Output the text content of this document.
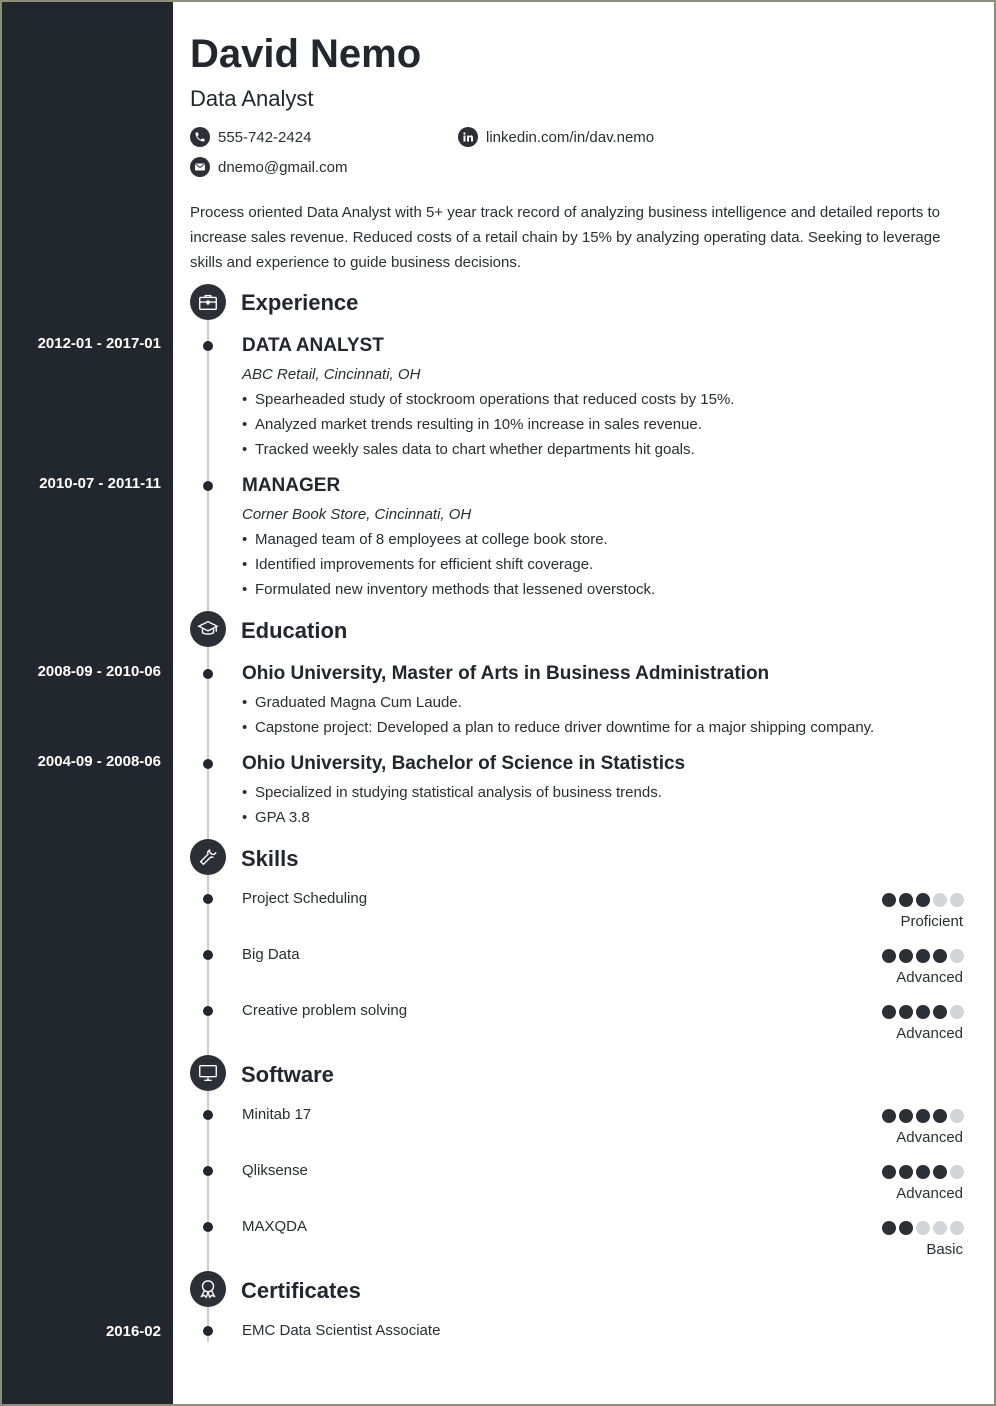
David Nemo
Data Analyst
555-742-2424	linkedin.com/in/dav.nemo
dnemo@gmail.com
Process oriented Data Analyst with 5+ year track record of analyzing business intelligence and detailed reports to increase sales revenue. Reduced costs of a retail chain by 15% by analyzing operating data. Seeking to leverage skills and experience to guide business decisions.
Experience
2012-01 - 2017-01	DATA ANALYST
ABC Retail, Cincinnati, OH
• Spearheaded study of stockroom operations that reduced costs by 15%.
• Analyzed market trends resulting in 10% increase in sales revenue.
• Tracked weekly sales data to chart whether departments hit goals.
2010-07 - 2011-11	MANAGER
Corner Book Store, Cincinnati, OH
• Managed team of 8 employees at college book store.
• Identified improvements for efficient shift coverage.
• Formulated new inventory methods that lessened overstock.
Education
2008-09 - 2010-06	Ohio University, Master of Arts in Business Administration
• Graduated Magna Cum Laude.
• Capstone project: Developed a plan to reduce driver downtime for a major shipping company.
2004-09 - 2008-06	Ohio University, Bachelor of Science in Statistics
• Specialized in studying statistical analysis of business trends.
• GPA 3.8
Skills
Project Scheduling
Proficient
Big Data
Advanced
Creative problem solving
Advanced
Software
Minitab 17
Advanced
Qliksense
Advanced
MAXQDA
Basic
Certificates
2016-02	EMC Data Scientist Associate
